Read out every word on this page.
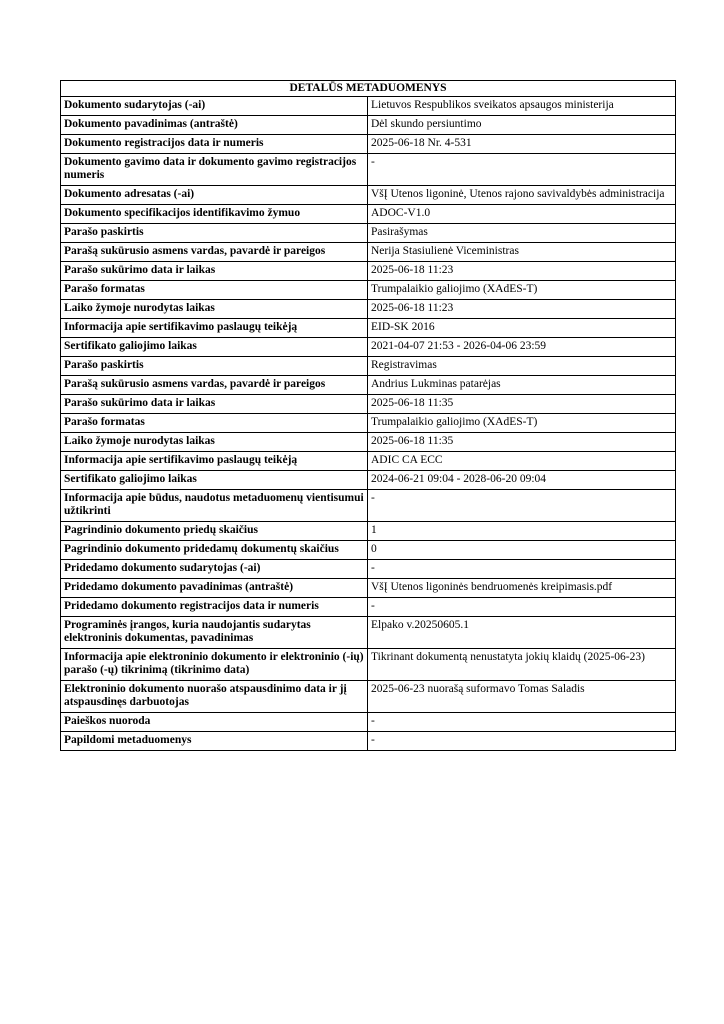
DETALŪS METADUOMENYS	
Dokumento sudarytojas (-ai)	Lietuvos Respublikos sveikatos apsaugos ministerija
Dokumento pavadinimas (antraštė)	Dėl skundo persiuntimo
Dokumento registracijos data ir numeris	2025-06-18 Nr. 4-531
Dokumento gavimo data ir dokumento gavimo registracijos numeris	-
Dokumento adresatas (-ai)	VšĮ Utenos ligoninė, Utenos rajono savivaldybės administracija
Dokumento specifikacijos identifikavimo žymuo	ADOC-V1.0
Parašo paskirtis	Pasirašymas
Parašą sukūrusio asmens vardas, pavardė ir pareigos	Nerija Stasiulienė Viceministras
Parašo sukūrimo data ir laikas	2025-06-18 11:23
Parašo formatas	Trumpalaikio galiojimo (XAdES-T)
Laiko žymoje nurodytas laikas	2025-06-18 11:23
Informacija apie sertifikavimo paslaugų teikėją	EID-SK 2016
Sertifikato galiojimo laikas	2021-04-07 21:53 - 2026-04-06 23:59
Parašo paskirtis	Registravimas
Parašą sukūrusio asmens vardas, pavardė ir pareigos	Andrius Lukminas patarėjas
Parašo sukūrimo data ir laikas	2025-06-18 11:35
Parašo formatas	Trumpalaikio galiojimo (XAdES-T)
Laiko žymoje nurodytas laikas	2025-06-18 11:35
Informacija apie sertifikavimo paslaugų teikėją	ADIC CA ECC
Sertifikato galiojimo laikas	2024-06-21 09:04 - 2028-06-20 09:04
Informacija apie būdus, naudotus metaduomenų vientisumui užtikrinti	-
Pagrindinio dokumento priedų skaičius	1
Pagrindinio dokumento pridedamų dokumentų skaičius	0
Pridedamo dokumento sudarytojas (-ai)	-
Pridedamo dokumento pavadinimas (antraštė)	VšĮ Utenos ligoninės bendruomenės kreipimasis.pdf
Pridedamo dokumento registracijos data ir numeris	-
Programinės įrangos, kuria naudojantis sudarytas elektroninis dokumentas, pavadinimas	Elpako v.20250605.1
Informacija apie elektroninio dokumento ir elektroninio (-ių) parašo (-ų) tikrinimą (tikrinimo data)	Tikrinant dokumentą nenustatyta jokių klaidų (2025-06-23)
Elektroninio dokumento nuorašo atspausdinimo data ir jį atspausdinęs darbuotojas	2025-06-23 nuorašą suformavo Tomas Saladis
Paieškos nuoroda	-
Papildomi metaduomenys	-
